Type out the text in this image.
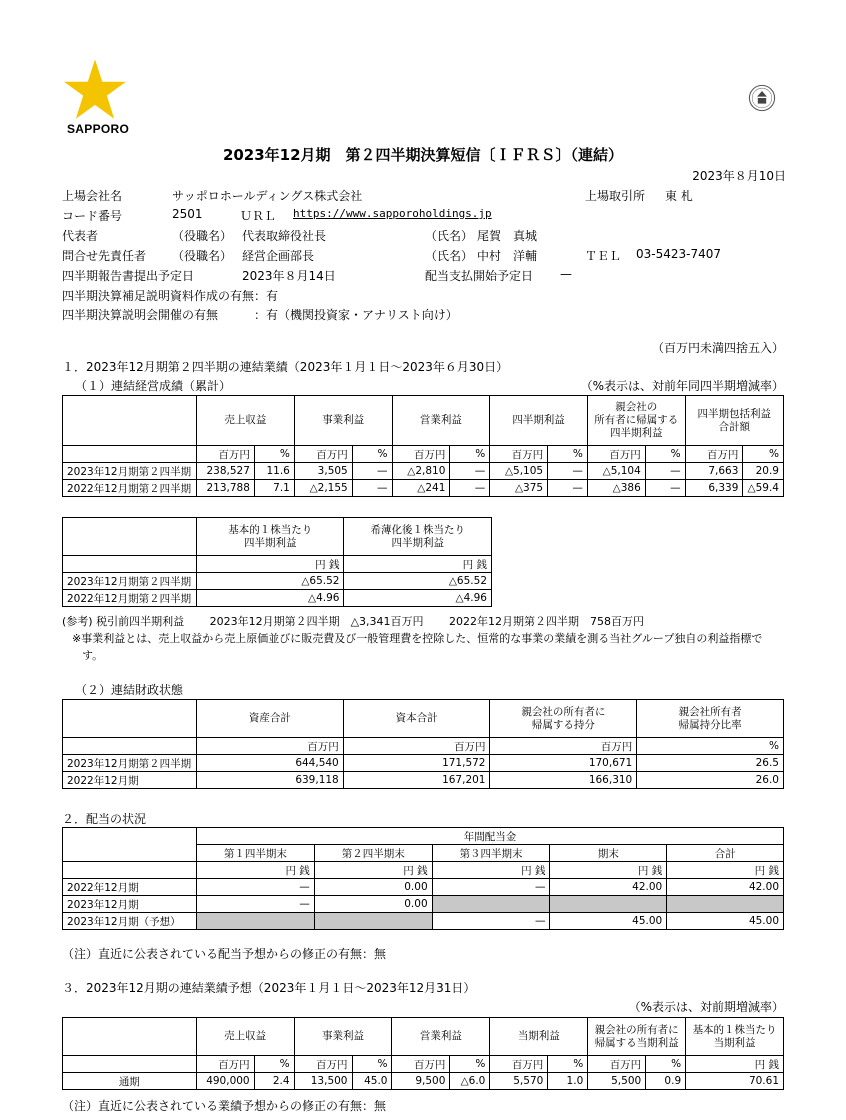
SAPPORO
2023年12月期　第２四半期決算短信〔ＩＦＲＳ〕（連結）
2023年８月10日
上場会社名	サッポロホールディングス株式会社	上場取引所 東 札
コード番号	2501	ＵＲＬ https://www.sapporoholdings.jp
代表者	（役職名） 代表取締役社長	（氏名） 尾賀　真城
問合せ先責任者 （役職名） 経営企画部長	（氏名） 中村　洋輔	ＴＥＬ 03-5423-7407
四半期報告書提出予定日	2023年８月14日	配当支払開始予定日 —
四半期決算補足説明資料作成の有無：有
四半期決算説明会開催の有無　　　：有（機関投資家・アナリスト向け）
（百万円未満四捨五入）
１．2023年12月期第２四半期の連結業績（2023年１月１日～2023年６月30日）
（１）連結経営成績（累計）	（%表示は、対前年同四半期増減率）
	売上収益		事業利益		営業利益		四半期利益		親会社の
所有者に帰属する
四半期利益		四半期包括利益
合計額	
	百万円	%	百万円	%	百万円	%	百万円	%	百万円	%	百万円	%
2023年12月期第２四半期	238,527	11.6	3,505	—	△2,810	—	△5,105	—	△5,104	—	7,663	20.9
2022年12月期第２四半期	213,788	7.1	△2,155	—	△241	—	△375	—	△386	—	6,339	△59.4
	基本的１株当たり
四半期利益	希薄化後１株当たり
四半期利益
	円 銭	円 銭
2023年12月期第２四半期	△65.52	△65.52
2022年12月期第２四半期	△4.96	△4.96
(参考) 税引前四半期利益　　 2023年12月期第２四半期　△3,341百万円　　 2022年12月期第２四半期　758百万円
※事業利益とは、売上収益から売上原価並びに販売費及び一般管理費を控除した、恒常的な事業の業績を測る当社グループ独自の利益指標で
す。
（２）連結財政状態
	資産合計	資本合計	親会社の所有者に
帰属する持分	親会社所有者
帰属持分比率
	百万円	百万円	百万円	%
2023年12月期第２四半期	644,540	171,572	170,671	26.5
2022年12月期	639,118	167,201	166,310	26.0
２．配当の状況
	年間配当金				
	第１四半期末	第２四半期末	第３四半期末	期末	合計
	円 銭	円 銭	円 銭	円 銭	円 銭
2022年12月期	—	0.00	—	42.00	42.00
2023年12月期	—	0.00			
2023年12月期（予想）			—	45.00	45.00
（注）直近に公表されている配当予想からの修正の有無：無
３．2023年12月期の連結業績予想（2023年１月１日～2023年12月31日）
（%表示は、対前期増減率）
	売上収益		事業利益		営業利益		当期利益		親会社の所有者に
帰属する当期利益		基本的１株当たり
当期利益
	百万円	%	百万円	%	百万円	%	百万円	%	百万円	%	円 銭
通期	490,000	2.4	13,500	45.0	9,500	△6.0	5,570	1.0	5,500	0.9	70.61
（注）直近に公表されている業績予想からの修正の有無：無
